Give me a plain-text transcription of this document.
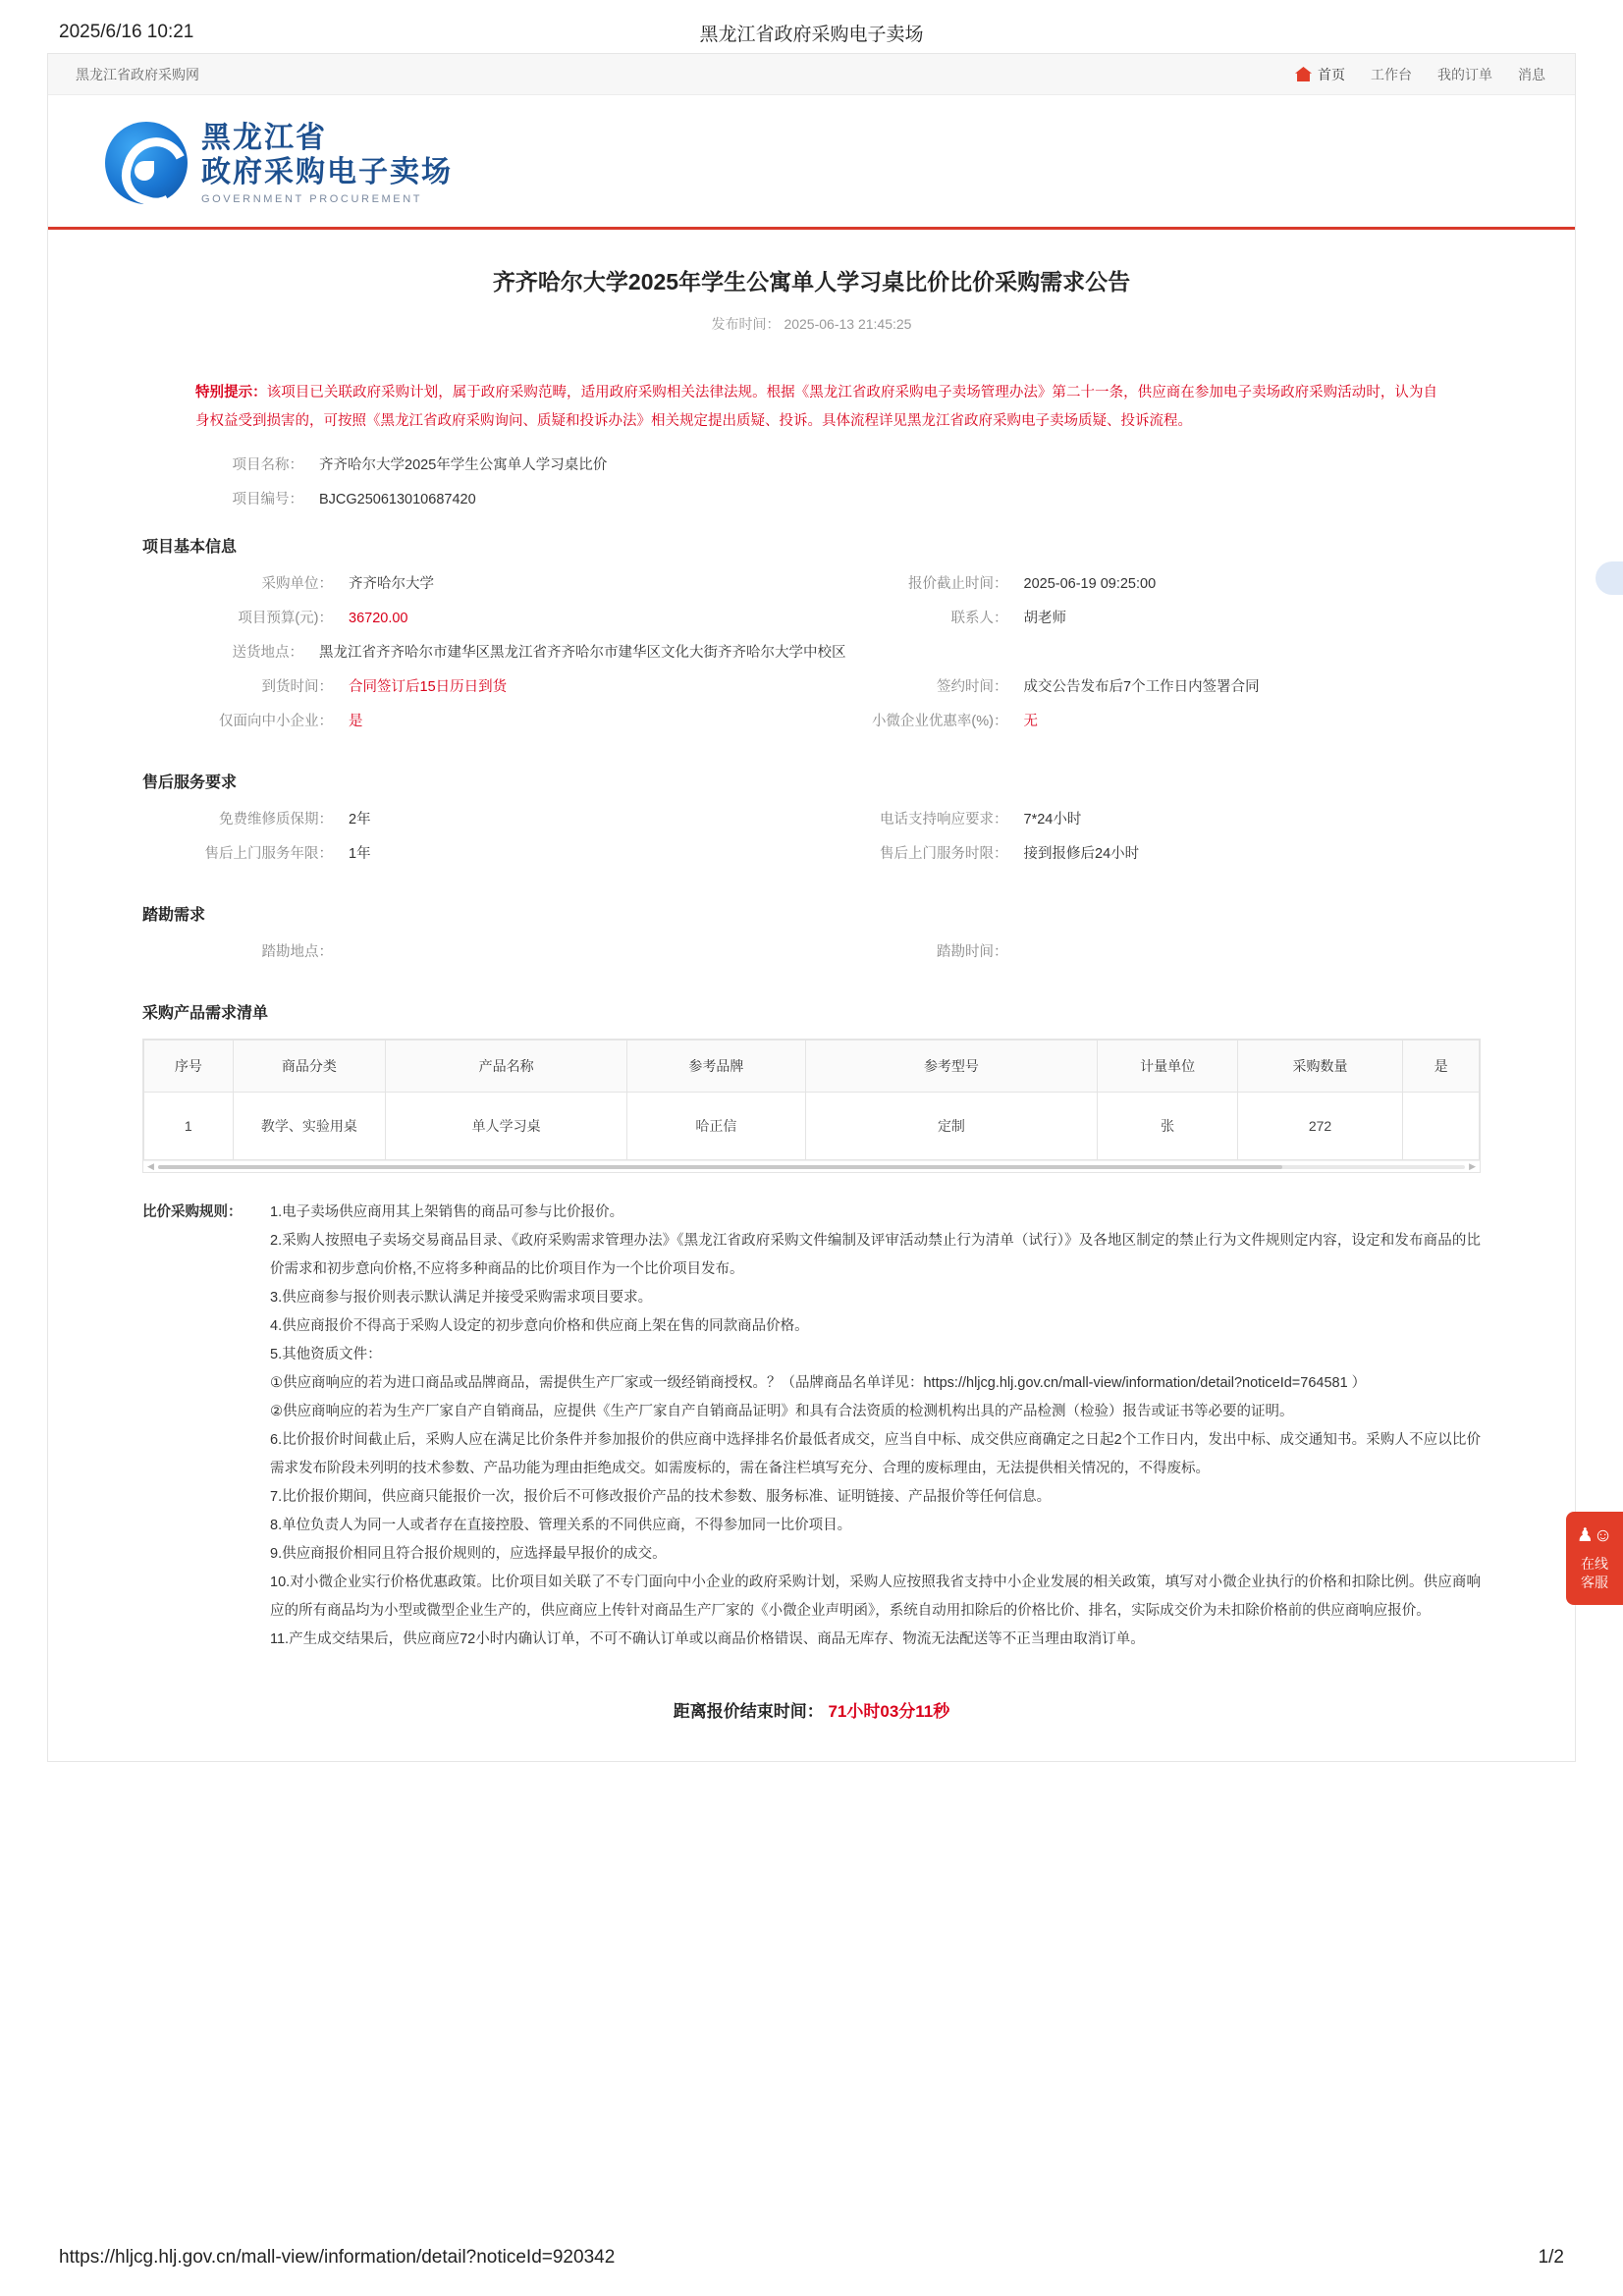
2025/6/16 10:21	黑龙江省政府采购电子卖场
黑龙江省政府采购网	首页 工作台 我的订单 消息
黑龙江省
政府采购电子卖场
GOVERNMENT PROCUREMENT
齐齐哈尔大学2025年学生公寓单人学习桌比价比价采购需求公告
发布时间： 2025-06-13 21:45:25
特别提示：该项目已关联政府采购计划，属于政府采购范畴，适用政府采购相关法律法规。根据《黑龙江省政府采购电子卖场管理办法》第二十一条，供应商在参加电子卖场政府采购活动时，认为自身权益受到损害的，可按照《黑龙江省政府采购询问、质疑和投诉办法》相关规定提出质疑、投诉。具体流程详见黑龙江省政府采购电子卖场质疑、投诉流程。
项目名称： 齐齐哈尔大学2025年学生公寓单人学习桌比价
项目编号： BJCG250613010687420
项目基本信息
采购单位： 齐齐哈尔大学	报价截止时间： 2025-06-19 09:25:00
项目预算(元)： 36720.00	联系人： 胡老师
送货地点： 黑龙江省齐齐哈尔市建华区黑龙江省齐齐哈尔市建华区文化大街齐齐哈尔大学中校区
到货时间： 合同签订后15日历日到货	签约时间： 成交公告发布后7个工作日内签署合同
仅面向中小企业： 是	小微企业优惠率(%)： 无
售后服务要求
免费维修质保期： 2年	电话支持响应要求： 7*24小时
售后上门服务年限： 1年	售后上门服务时限： 接到报修后24小时
踏勘需求
踏勘地点：	踏勘时间：
采购产品需求清单
序号	商品分类	产品名称	参考品牌	参考型号	计量单位	采购数量	是
1	教学、实验用桌	单人学习桌	哈正信	定制	张	272	
◀	▶
比价采购规则：	1.电子卖场供应商用其上架销售的商品可参与比价报价。
2.采购人按照电子卖场交易商品目录、《政府采购需求管理办法》《黑龙江省政府采购文件编制及评审活动禁止行为清单（试行）》及各地区制定的禁止行为文件规则定内容，设定和发布商品的比价需求和初步意向价格,不应将多种商品的比价项目作为一个比价项目发布。
3.供应商参与报价则表示默认满足并接受采购需求项目要求。
4.供应商报价不得高于采购人设定的初步意向价格和供应商上架在售的同款商品价格。
5.其他资质文件：
①供应商响应的若为进口商品或品牌商品，需提供生产厂家或一级经销商授权。？（品牌商品名单详见：https://hljcg.hlj.gov.cn/mall-view/information/detail?noticeId=764581 ）
②供应商响应的若为生产厂家自产自销商品，应提供《生产厂家自产自销商品证明》和具有合法资质的检测机构出具的产品检测（检验）报告或证书等必要的证明。
6.比价报价时间截止后，采购人应在满足比价条件并参加报价的供应商中选择排名价最低者成交，应当自中标、成交供应商确定之日起2个工作日内，发出中标、成交通知书。采购人不应以比价需求发布阶段未列明的技术参数、产品功能为理由拒绝成交。如需废标的，需在备注栏填写充分、合理的废标理由，无法提供相关情况的，不得废标。
7.比价报价期间，供应商只能报价一次，报价后不可修改报价产品的技术参数、服务标准、证明链接、产品报价等任何信息。
8.单位负责人为同一人或者存在直接控股、管理关系的不同供应商，不得参加同一比价项目。
9.供应商报价相同且符合报价规则的，应选择最早报价的成交。
10.对小微企业实行价格优惠政策。比价项目如关联了不专门面向中小企业的政府采购计划，采购人应按照我省支持中小企业发展的相关政策，填写对小微企业执行的价格和扣除比例。供应商响应的所有商品均为小型或微型企业生产的，供应商应上传针对商品生产厂家的《小微企业声明函》，系统自动用扣除后的价格比价、排名，实际成交价为未扣除价格前的供应商响应报价。
11.产生成交结果后，供应商应72小时内确认订单，不可不确认订单或以商品价格错误、商品无库存、物流无法配送等不正当理由取消订单。
距离报价结束时间： 71小时03分11秒
♟☺
在线
客服
https://hljcg.hlj.gov.cn/mall-view/information/detail?noticeId=920342	1/2
